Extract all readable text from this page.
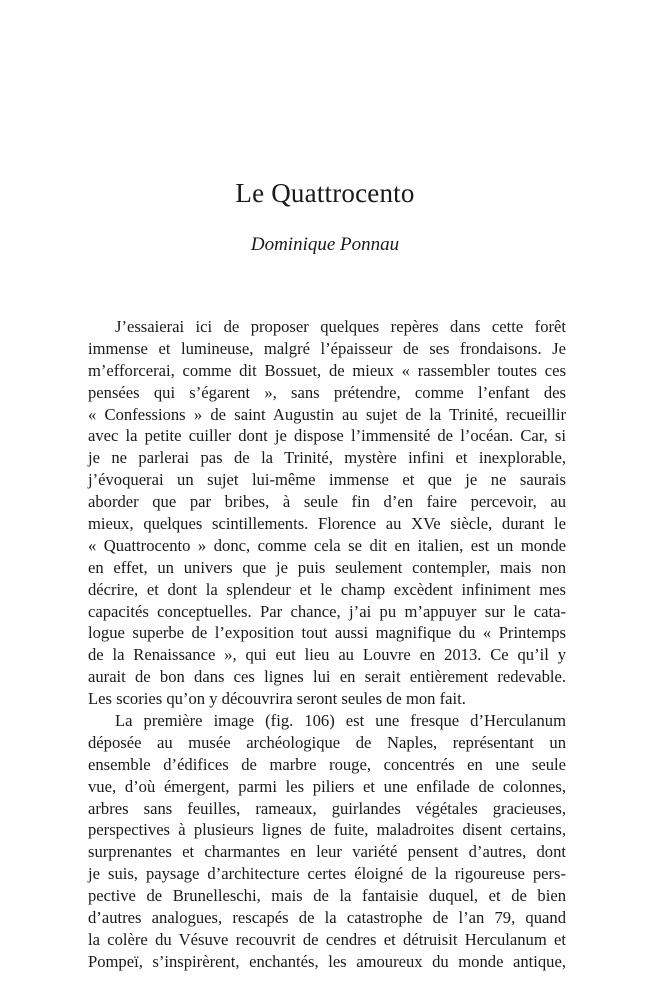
Le Quattrocento
Dominique Ponnau
J’essaierai ici de proposer quelques repères dans cette forêt
immense et lumineuse, malgré l’épaisseur de ses frondaisons. Je
m’efforcerai, comme dit Bossuet, de mieux « rassembler toutes ces
pensées qui s’égarent », sans prétendre, comme l’enfant des
« Confessions » de saint Augustin au sujet de la Trinité, recueillir
avec la petite cuiller dont je dispose l’immensité de l’océan. Car, si
je ne parlerai pas de la Trinité, mystère infini et inexplorable,
j’évoquerai un sujet lui-même immense et que je ne saurais
aborder que par bribes, à seule fin d’en faire percevoir, au
mieux, quelques scintillements. Florence au XVe siècle, durant le
« Quattrocento » donc, comme cela se dit en italien, est un monde
en effet, un univers que je puis seulement contempler, mais non
décrire, et dont la splendeur et le champ excèdent infiniment mes
capacités conceptuelles. Par chance, j’ai pu m’appuyer sur le cata-
logue superbe de l’exposition tout aussi magnifique du « Printemps
de la Renaissance », qui eut lieu au Louvre en 2013. Ce qu’il y
aurait de bon dans ces lignes lui en serait entièrement redevable.
Les scories qu’on y découvrira seront seules de mon fait.
La première image (fig. 106) est une fresque d’Herculanum
déposée au musée archéologique de Naples, représentant un
ensemble d’édifices de marbre rouge, concentrés en une seule
vue, d’où émergent, parmi les piliers et une enfilade de colonnes,
arbres sans feuilles, rameaux, guirlandes végétales gracieuses,
perspectives à plusieurs lignes de fuite, maladroites disent certains,
surprenantes et charmantes en leur variété pensent d’autres, dont
je suis, paysage d’architecture certes éloigné de la rigoureuse pers-
pective de Brunelleschi, mais de la fantaisie duquel, et de bien
d’autres analogues, rescapés de la catastrophe de l’an 79, quand
la colère du Vésuve recouvrit de cendres et détruisit Herculanum et
Pompeï, s’inspirèrent, enchantés, les amoureux du monde antique,
